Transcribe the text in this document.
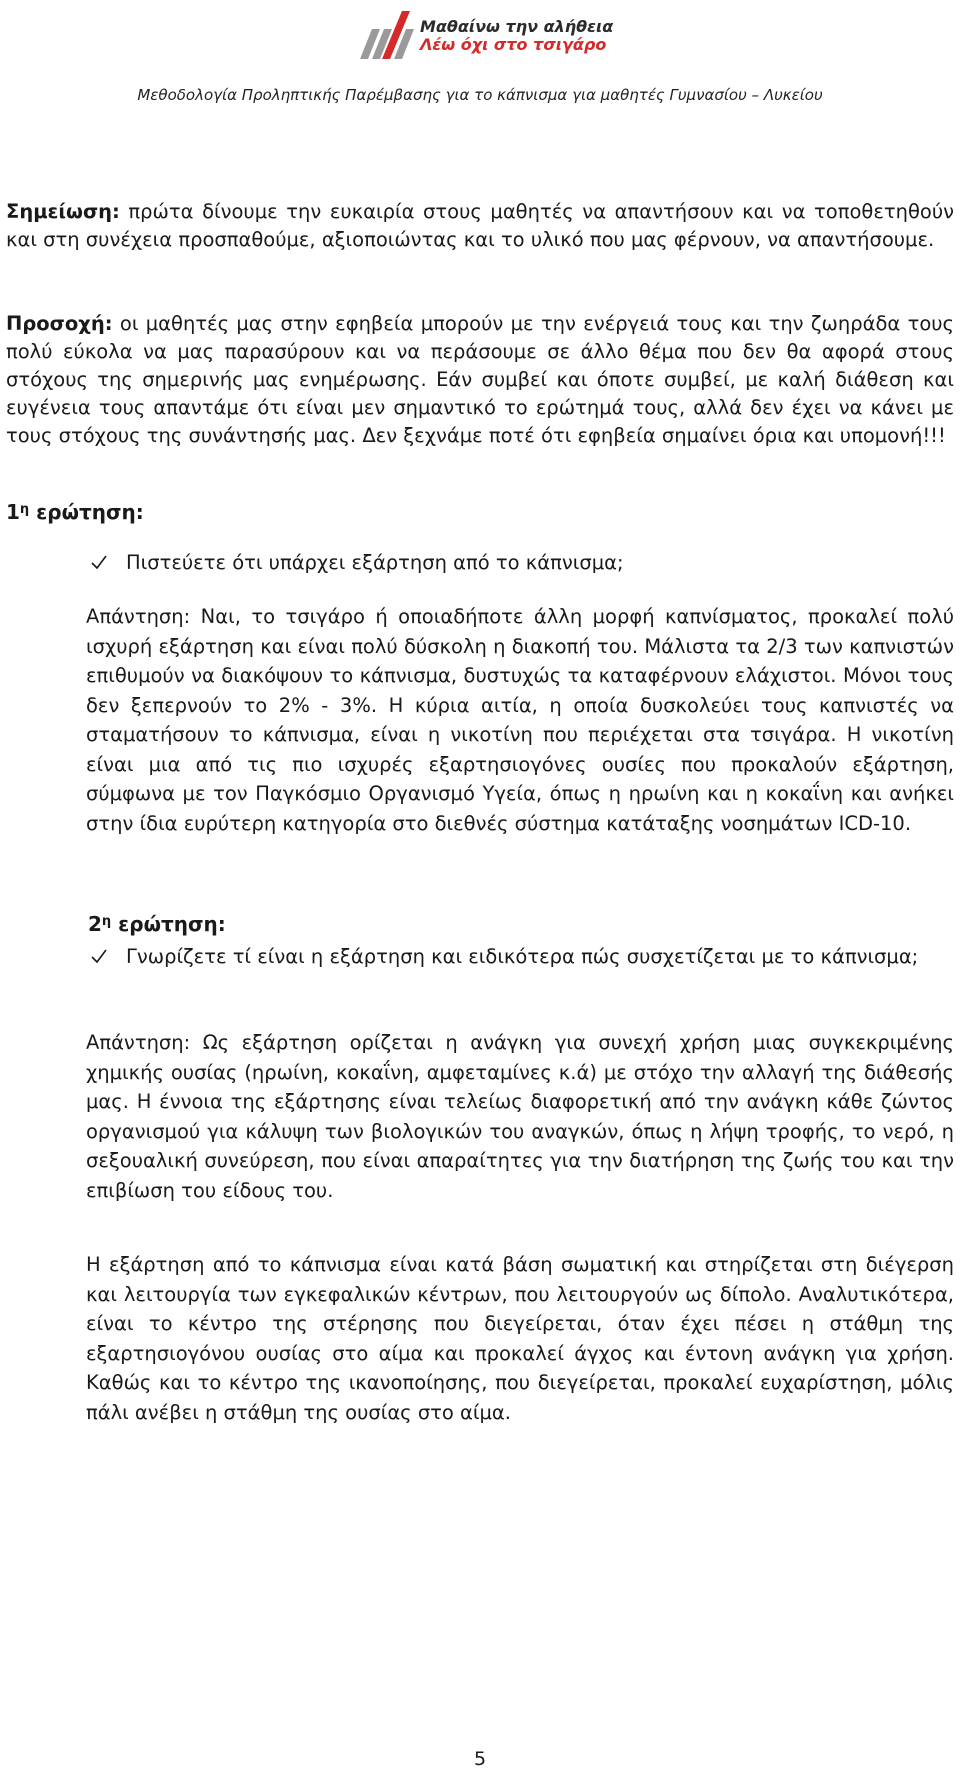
Μαθαίνω την αλήθεια
Λέω όχι στο τσιγάρο
Μεθοδολογία Προληπτικής Παρέμβασης για το κάπνισμα για μαθητές Γυμνασίου – Λυκείου
Σημείωση: πρώτα δίνουμε την ευκαιρία στους μαθητές να απαντήσουν και να τοποθετηθούν και στη συνέχεια προσπαθούμε, αξιοποιώντας και το υλικό που μας φέρνουν, να απαντήσουμε.
Προσοχή: οι μαθητές μας στην εφηβεία μπορούν με την ενέργειά τους και την ζωηράδα τους πολύ εύκολα να μας παρασύρουν και να περάσουμε σε άλλο θέμα που δεν θα αφορά στους στόχους της σημερινής μας ενημέρωσης. Εάν συμβεί και όποτε συμβεί, με καλή διάθεση και ευγένεια τους απαντάμε ότι είναι μεν σημαντικό το ερώτημά τους, αλλά δεν έχει να κάνει με τους στόχους της συνάντησής μας. Δεν ξεχνάμε ποτέ ότι εφηβεία σημαίνει όρια και υπομονή!!!
$1^\eta$ ερώτηση:
Πιστεύετε ότι υπάρχει εξάρτηση από το κάπνισμα;
Απάντηση: Ναι, το τσιγάρο ή οποιαδήποτε άλλη μορφή καπνίσματος, προκαλεί πολύ ισχυρή εξάρτηση και είναι πολύ δύσκολη η διακοπή του. Μάλιστα τα 2/3 των καπνιστών επιθυμούν να διακόψουν το κάπνισμα, δυστυχώς τα καταφέρνουν ελάχιστοι. Μόνοι τους δεν ξεπερνούν το 2% - 3%. Η κύρια αιτία, η οποία δυσκολεύει τους καπνιστές να σταματήσουν το κάπνισμα, είναι η νικοτίνη που περιέχεται στα τσιγάρα. Η νικοτίνη είναι μια από τις πιο ισχυρές εξαρτησιογόνες ουσίες που προκαλούν εξάρτηση, σύμφωνα με τον Παγκόσμιο Οργανισμό Υγεία, όπως η ηρωίνη και η κοκαΐνη και ανήκει στην ίδια ευρύτερη κατηγορία στο διεθνές σύστημα κατάταξης νοσημάτων ICD-10.
$2^\eta$ ερώτηση:
Γνωρίζετε τί είναι η εξάρτηση και ειδικότερα πώς συσχετίζεται με το κάπνισμα;
Απάντηση: Ως εξάρτηση ορίζεται η ανάγκη για συνεχή χρήση μιας συγκεκριμένης χημικής ουσίας (ηρωίνη, κοκαΐνη, αμφεταμίνες κ.ά) με στόχο την αλλαγή της διάθεσής μας. Η έννοια της εξάρτησης είναι τελείως διαφορετική από την ανάγκη κάθε ζώντος οργανισμού για κάλυψη των βιολογικών του αναγκών, όπως η λήψη τροφής, το νερό, η σεξουαλική συνεύρεση, που είναι απαραίτητες για την διατήρηση της ζωής του και την επιβίωση του είδους του.
Η εξάρτηση από το κάπνισμα είναι κατά βάση σωματική και στηρίζεται στη διέγερση και λειτουργία των εγκεφαλικών κέντρων, που λειτουργούν ως δίπολο. Αναλυτικότερα, είναι το κέντρο της στέρησης που διεγείρεται, όταν έχει πέσει η στάθμη της εξαρτησιογόνου ουσίας στο αίμα και προκαλεί άγχος και έντονη ανάγκη για χρήση. Καθώς και το κέντρο της ικανοποίησης, που διεγείρεται, προκαλεί ευχαρίστηση, μόλις πάλι ανέβει η στάθμη της ουσίας στο αίμα.
5
